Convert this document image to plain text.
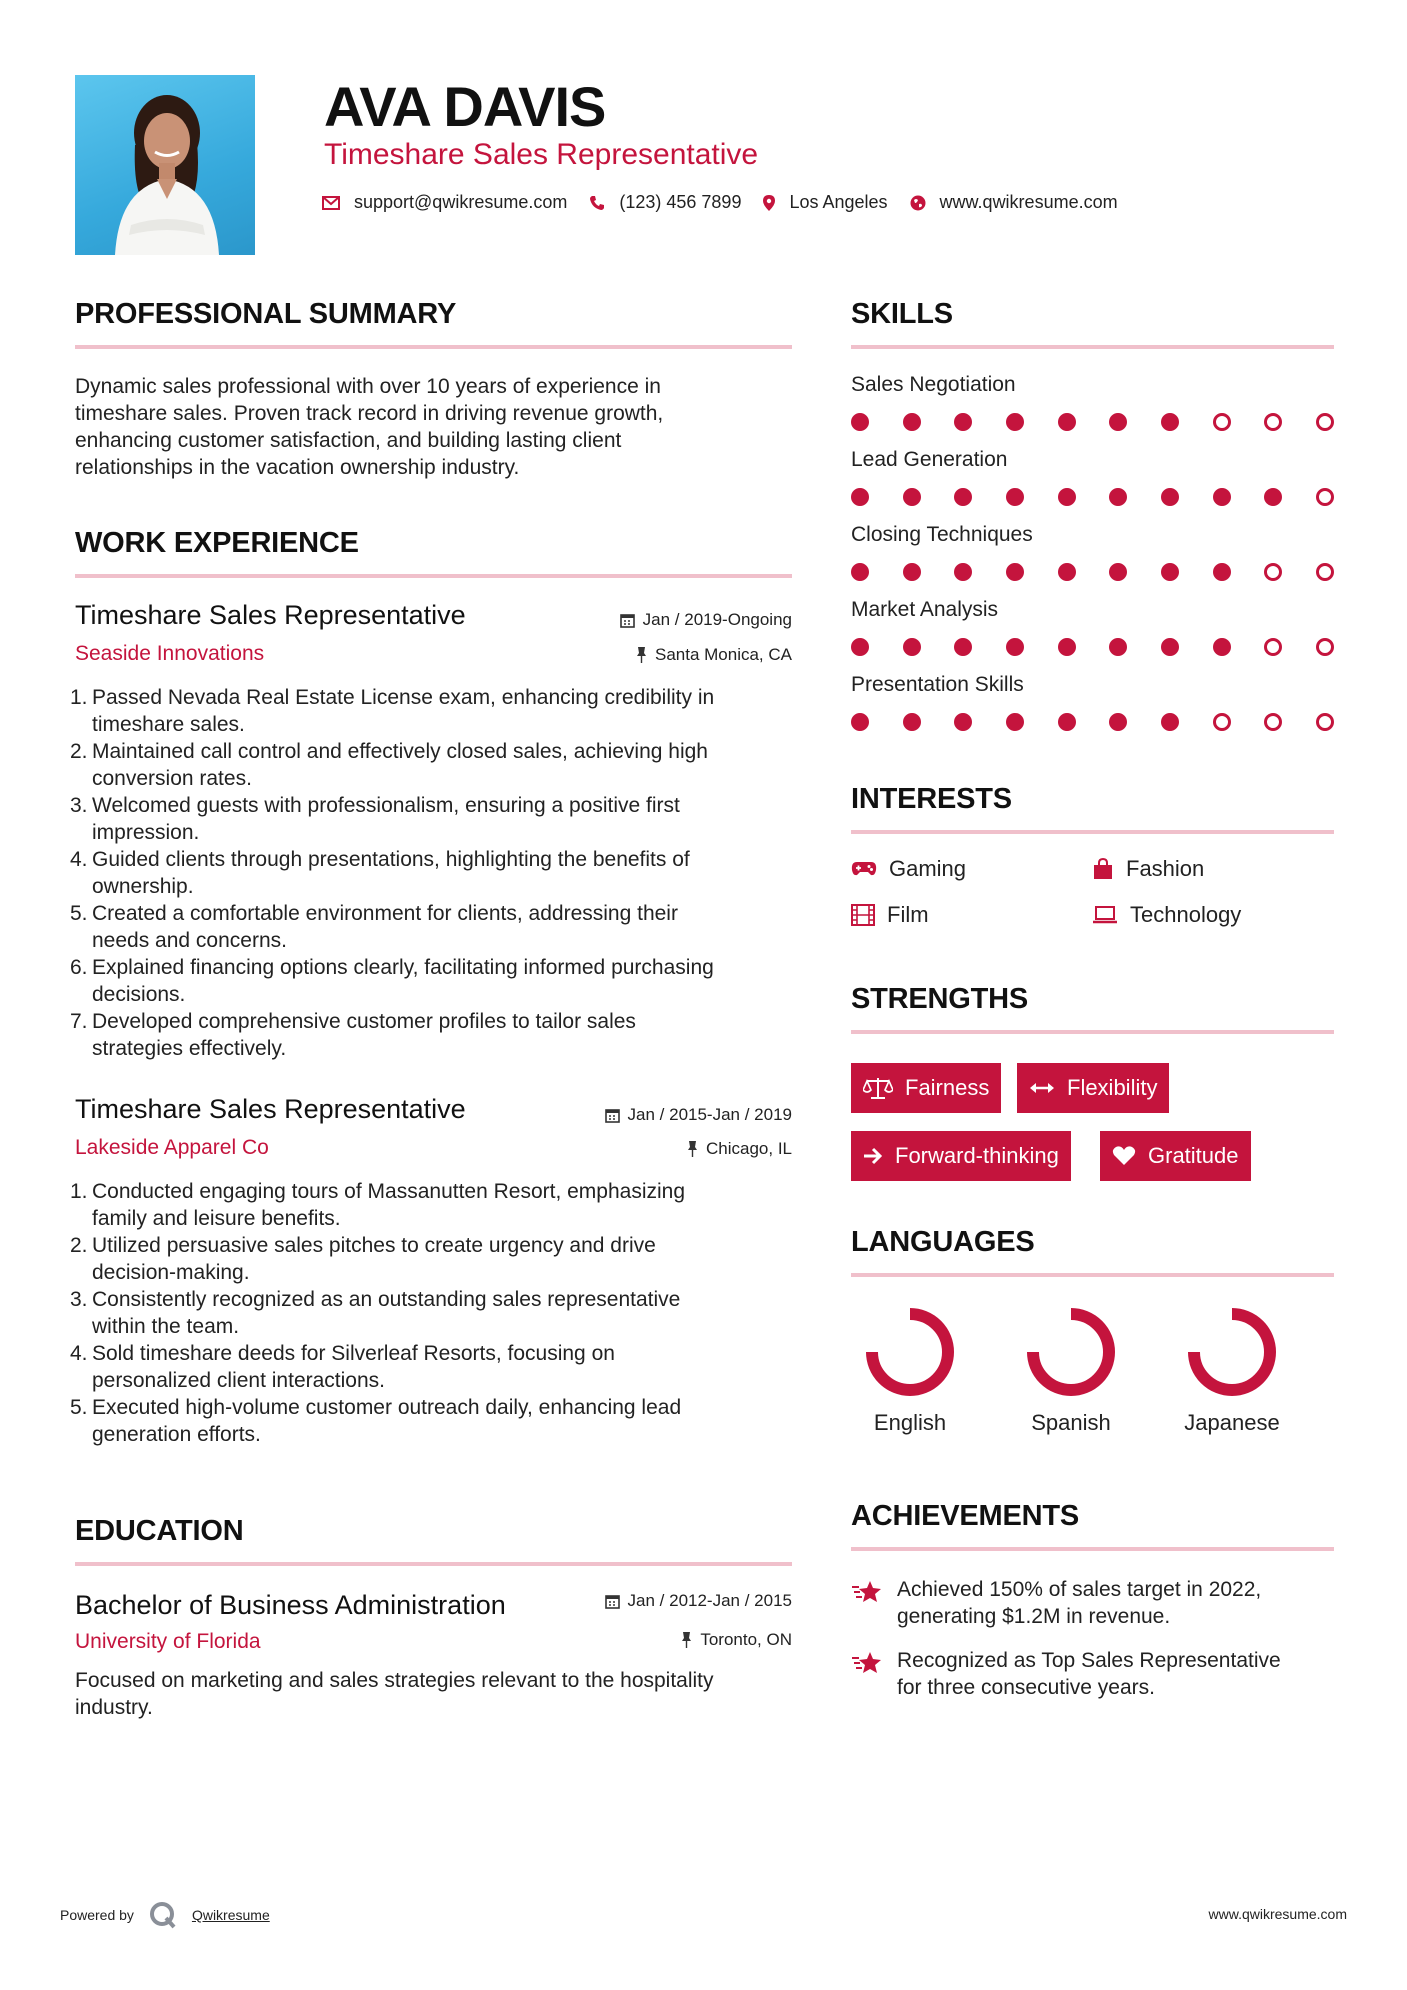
AVA DAVIS
Timeshare Sales Representative
support@qwikresume.com	(123) 456 7899	Los Angeles	www.qwikresume.com
PROFESSIONAL SUMMARY
Dynamic sales professional with over 10 years of experience in
timeshare sales. Proven track record in driving revenue growth,
enhancing customer satisfaction, and building lasting client
relationships in the vacation ownership industry.
WORK EXPERIENCE
Timeshare Sales Representative	Jan / 2019-Ongoing
Seaside Innovations	Santa Monica, CA
1. Passed Nevada Real Estate License exam, enhancing credibility in
timeshare sales.
2. Maintained call control and effectively closed sales, achieving high
conversion rates.
3. Welcomed guests with professionalism, ensuring a positive first
impression.
4. Guided clients through presentations, highlighting the benefits of
ownership.
5. Created a comfortable environment for clients, addressing their
needs and concerns.
6. Explained financing options clearly, facilitating informed purchasing
decisions.
7. Developed comprehensive customer profiles to tailor sales
strategies effectively.
Timeshare Sales Representative	Jan / 2015-Jan / 2019
Lakeside Apparel Co	Chicago, IL
1. Conducted engaging tours of Massanutten Resort, emphasizing
family and leisure benefits.
2. Utilized persuasive sales pitches to create urgency and drive
decision-making.
3. Consistently recognized as an outstanding sales representative
within the team.
4. Sold timeshare deeds for Silverleaf Resorts, focusing on
personalized client interactions.
5. Executed high-volume customer outreach daily, enhancing lead
generation efforts.
EDUCATION
Bachelor of Business Administration	Jan / 2012-Jan / 2015
University of Florida	Toronto, ON
Focused on marketing and sales strategies relevant to the hospitality
industry.
SKILLS
Sales Negotiation
Lead Generation
Closing Techniques
Market Analysis
Presentation Skills
INTERESTS
Gaming	Fashion
Film	Technology
STRENGTHS
Fairness	Flexibility
Forward-thinking	Gratitude
LANGUAGES
English	Spanish	Japanese
ACHIEVEMENTS
Achieved 150% of sales target in 2022,
generating $1.2M in revenue.
Recognized as Top Sales Representative
for three consecutive years.
Powered by	Qwikresume	www.qwikresume.com
